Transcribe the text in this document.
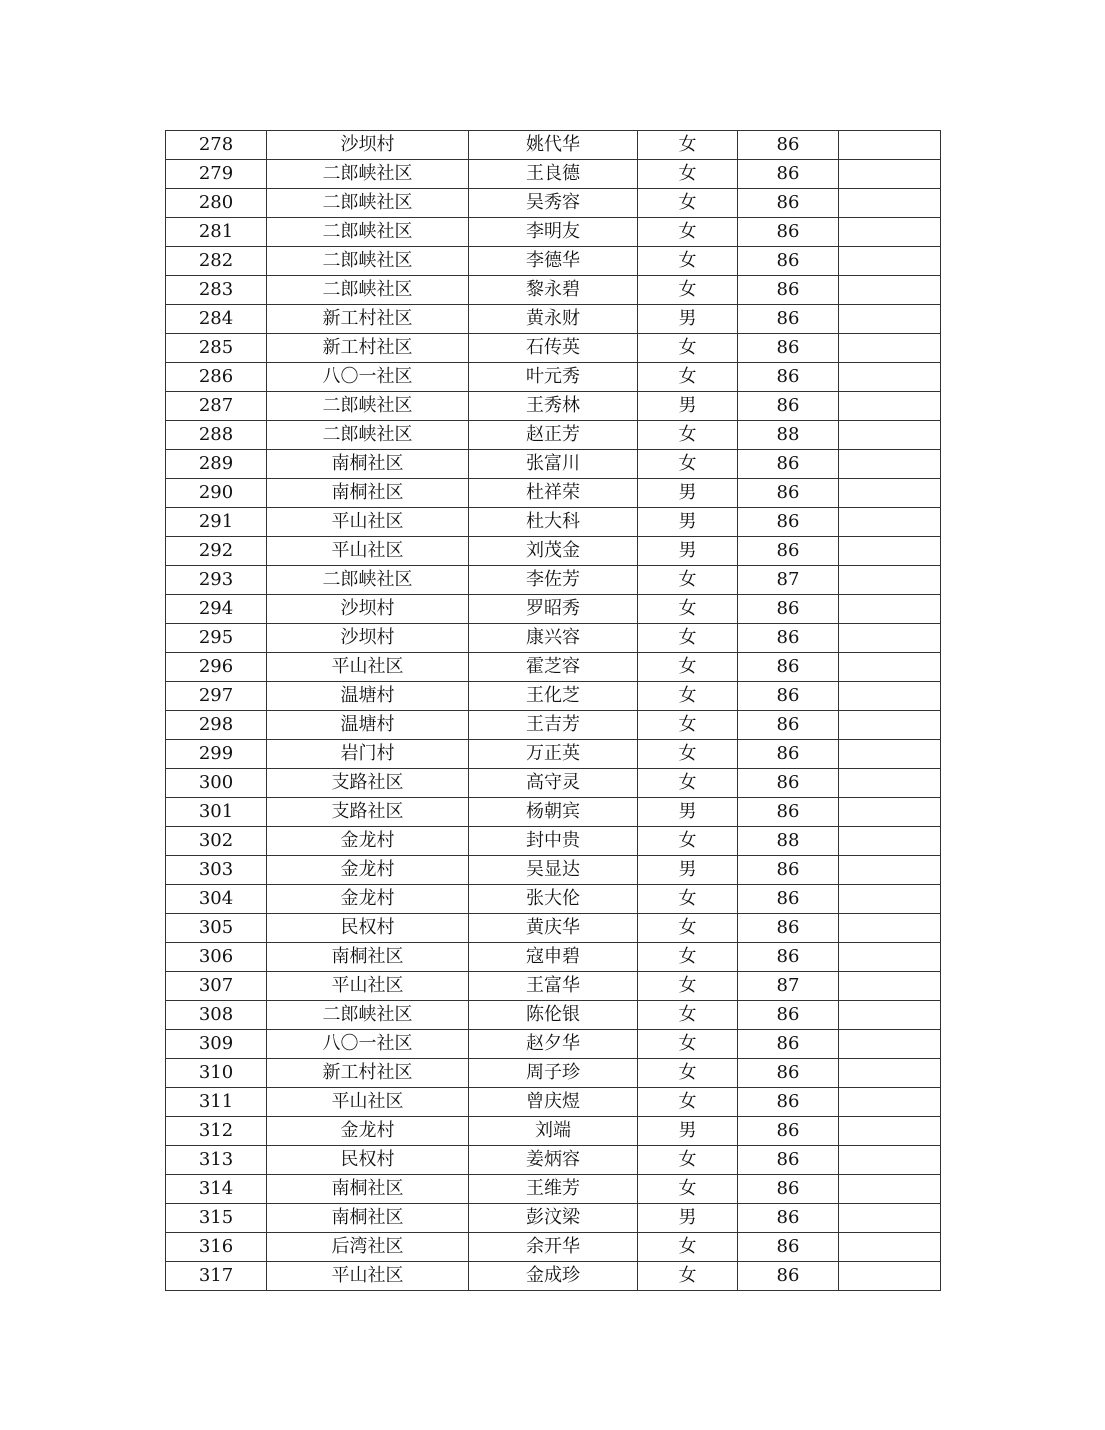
278	沙坝村	姚代华	女	86	
279	二郎峡社区	王良德	女	86	
280	二郎峡社区	吴秀容	女	86	
281	二郎峡社区	李明友	女	86	
282	二郎峡社区	李德华	女	86	
283	二郎峡社区	黎永碧	女	86	
284	新工村社区	黄永财	男	86	
285	新工村社区	石传英	女	86	
286	八〇一社区	叶元秀	女	86	
287	二郎峡社区	王秀林	男	86	
288	二郎峡社区	赵正芳	女	88	
289	南桐社区	张富川	女	86	
290	南桐社区	杜祥荣	男	86	
291	平山社区	杜大科	男	86	
292	平山社区	刘茂金	男	86	
293	二郎峡社区	李佐芳	女	87	
294	沙坝村	罗昭秀	女	86	
295	沙坝村	康兴容	女	86	
296	平山社区	霍芝容	女	86	
297	温塘村	王化芝	女	86	
298	温塘村	王吉芳	女	86	
299	岩门村	万正英	女	86	
300	支路社区	高守灵	女	86	
301	支路社区	杨朝宾	男	86	
302	金龙村	封中贵	女	88	
303	金龙村	吴显达	男	86	
304	金龙村	张大伦	女	86	
305	民权村	黄庆华	女	86	
306	南桐社区	寇申碧	女	86	
307	平山社区	王富华	女	87	
308	二郎峡社区	陈伦银	女	86	
309	八〇一社区	赵夕华	女	86	
310	新工村社区	周子珍	女	86	
311	平山社区	曾庆煜	女	86	
312	金龙村	刘端	男	86	
313	民权村	姜炳容	女	86	
314	南桐社区	王维芳	女	86	
315	南桐社区	彭汶梁	男	86	
316	后湾社区	余开华	女	86	
317	平山社区	金成珍	女	86	
